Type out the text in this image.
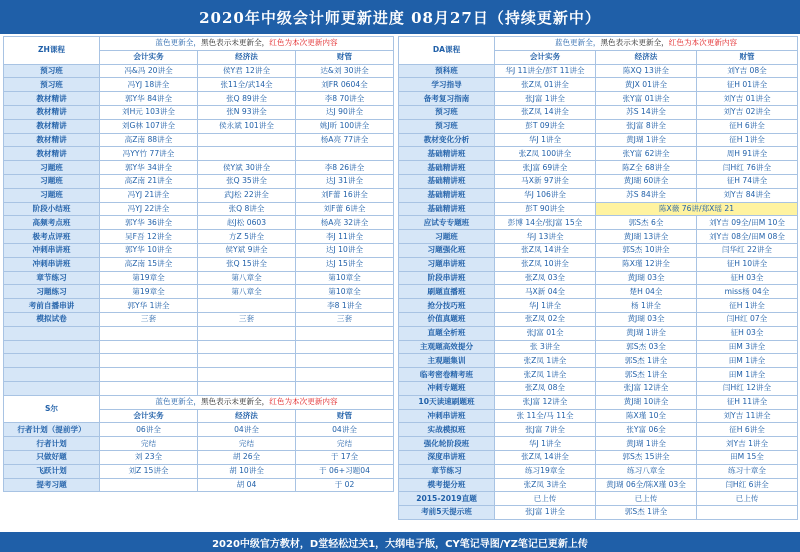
2020年中级会计师更新进度 08月27日（持续更新中）
ZH课程	蓝色更新全，黑色表示未更新全，红色为本次更新内容		
	会计实务	经济法	财管
预习班	冯&冯 20讲全	侯Y君 12讲全	达&刘 30讲全
预习班	冯YJ 18讲全	张11全/武14全	刘FR 0604全
教材精讲	郭Y华 84讲全	张Q 89讲全	李8 70讲全
教材精讲	刘H元 103讲全	张N 93讲全	达J 90讲全
教材精讲	刘G林 107讲全	侯永斌 101讲全	姚J昕 100讲全
教材精讲	高Z南 88讲全		杨A亮 77讲全
教材精讲	冯YY竹 77讲全		
习题班	郭Y华 34讲全	侯Y斌 30讲全	李8 26讲全
习题班	高Z南 21讲全	张Q 35讲全	达J 31讲全
习题班	冯YJ 21讲全	武J松 22讲全	刘F蕾 16讲全
阶段小结班	冯YJ 22讲全	张Q 8讲全	刘F蕾 6讲全
高频考点班	郭Y华 36讲全	赵J松 0603	杨A亮 32讲全
极考点评班	吴F吾 12讲全	方Z 5讲全	李J 11讲全
冲刺串讲班	郭Y华 10讲全	侯Y斌 9讲全	达J 10讲全
冲刺串讲班	高Z南 15讲全	张Q 15讲全	达J 15讲全
章节练习	第19章全	第八章全	第10章全
习题练习	第19章全	第八章全	第10章全
考前自播串讲	郭Y华 1讲全		李8 1讲全
模拟试卷	三套	三套	三套

S尔	蓝色更新全，黑色表示未更新全，红色为本次更新内容		
	会计实务	经济法	财管
行者计划（提前学）	06讲全	04讲全	04讲全
行者计划	完结	完结	完结
只做好题	刘 23全	胡 26全	于 17全
飞跃计划	刘Z 15讲全	胡 10讲全	于 06+习题04
提考习题		胡 04	于 02
DA课程	蓝色更新全，黑色表示未更新全，红色为本次更新内容		
	会计实务	经济法	财管
预科班	华J 11讲全/彭T 11讲全	陈XQ 13讲全	刘Y吉 08全
学习指导	张Z凤 01讲全	黄JX 01讲全	征H 01讲全
备考复习指南	张J富 1讲全	张Y富 01讲全	刘Y吉 01讲全
预习班	张Z凤 14讲全	苏S 14讲全	刘Y吉 02讲全
预习班	彭T 09讲全	张J富 8讲全	征H 6讲全
教材变化分析	华J 1讲全	黄J瑚 1讲全	征H 1讲全
基础精讲班	张Z凤 100讲全	张Y富 62讲全	周H 91讲全
基础精讲班	张J富 69讲全	陈Z全 68讲全	闫H红 76讲全
基础精讲班	马X新 97讲全	黄J瑚 60讲全	征H 74讲全
基础精讲班	华J 106讲全	苏S 84讲全	刘Y吉 84讲全
基础精讲班	彭T 90讲全	陈X薇 76讲/郑X瑶 21	
应试专专题班	彭博 14全/张J富 15全	郭S杰 6全	刘Y吉 09全/田M 10全
习题班	华J 13讲全	黄J瑚 13讲全	刘Y吉 08全/田M 08全
习题强化班	张Z凤 14讲全	郭S杰 10讲全	闫华红 22讲全
习题串讲班	张Z凤 10讲全	陈X瑾 12讲全	征H 10讲全
阶段串讲班	张Z凤 03全	黄J瑚 03全	征H 03全
刷题直播班	马X新 04全	楚H 04全	miss杨 04全
抢分技巧班	华J 1讲全	杨 1讲全	征H 1讲全
价值真题班	张Z凤 02全	黄J瑚 03全	闫H红 07全
直题全析班	张J富 01全	黄J瑚 1讲全	征H 03全
主观题高效提分	张 3讲全	郭S杰 03全	田M 3讲全
主观题集训	张Z凤 1讲全	郭S杰 1讲全	田M 1讲全
临考密卷精考班	张Z凤 1讲全	郭S杰 1讲全	田M 1讲全
冲刺专题班	张Z凤 08全	张J富 12讲全	闫H红 12讲全
10天读速刷题班	张J富 12讲全	黄J瑚 10讲全	征H 11讲全
冲刺串讲班	张 11全/马 11全	陈X瑾 10全	刘Y吉 11讲全
实战模拟班	张J富 7讲全	张Y富 06全	征H 6讲全
强化轮阶段班	华J 1讲全	黄J瑚 1讲全	刘Y吉 1讲全
深度串讲班	张Z凤 14讲全	郭S杰 15讲全	田M 15全
章节练习	练习19章全	练习八章全	练习十章全
模考提分班	张Z凤 3讲全	黄J瑚 06全/陈X瑾 03全	闫H红 6讲全
2015-2019直题	已上传	已上传	已上传
考前5天提示班	张J富 1讲全	郭S杰 1讲全	
2020中级官方教材，D堂轻松过关1，大纲电子版，CY笔记导图/YZ笔记已更新上传
